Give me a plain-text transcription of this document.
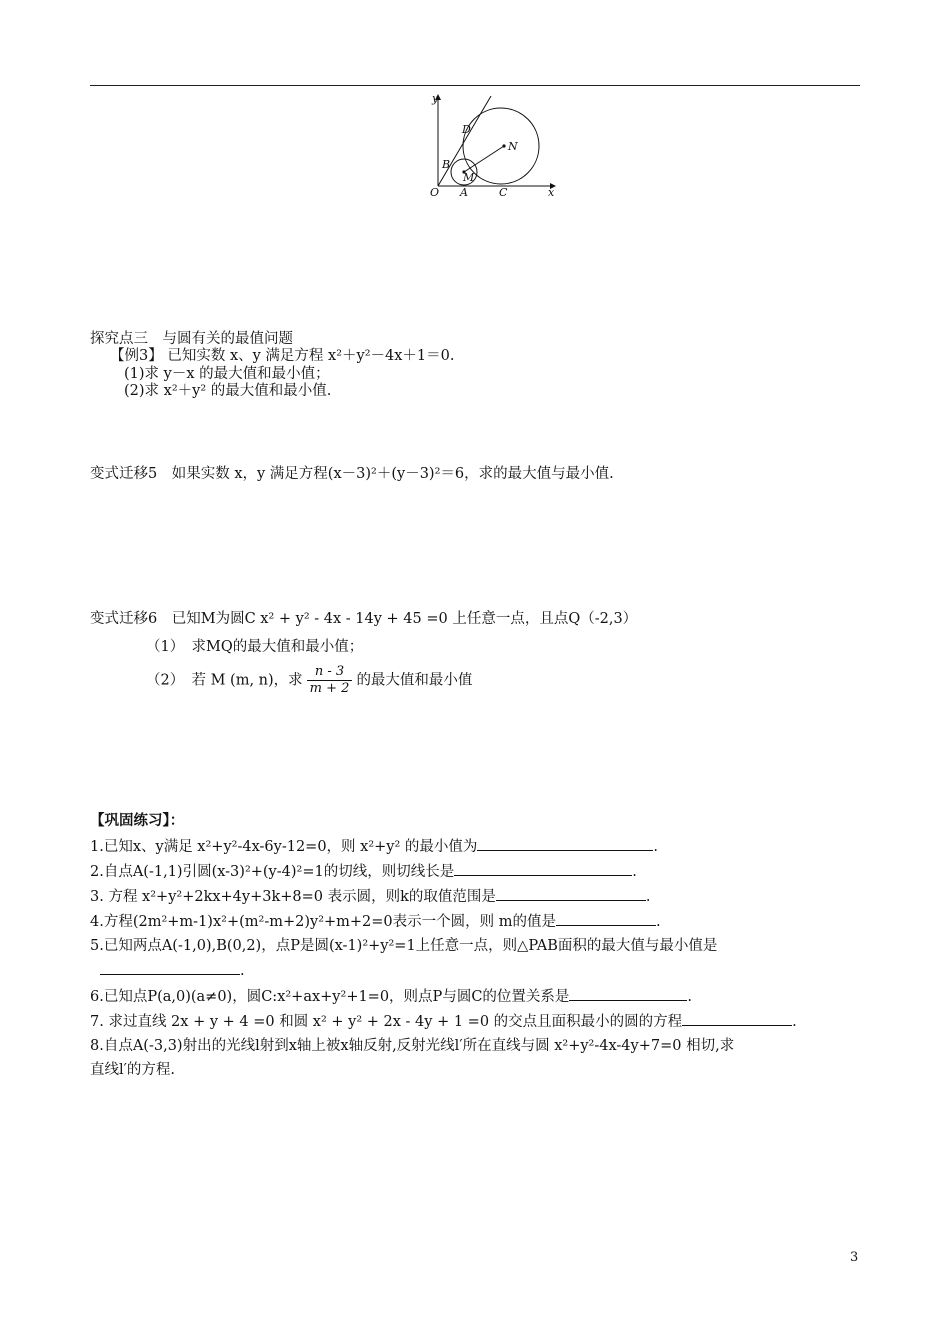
y
x
O A	C
B
D
M
N
探究点三　与圆有关的最值问题
【例3】 已知实数 x、y 满足方程 x²＋y²－4x＋1＝0.
(1)求 y－x 的最大值和最小值；
(2)求 x²＋y² 的最大值和最小值.
变式迁移5　如果实数 x，y 满足方程(x－3)²＋(y－3)²＝6，求的最大值与最小值.
变式迁移6　已知M为圆C x² + y² - 4x - 14y + 45 =0 上任意一点，且点Q（-2,3）
（1）　求MQ的最大值和最小值；
（2）　若 M (m, n)，求 $\frac{n - 3}{m + 2}$ 的最大值和最小值
【巩固练习】：
1.已知x、y满足 x²+y²-4x-6y-12=0，则 x²+y² 的最小值为	.
2.自点A(-1,1)引圆(x-3)²+(y-4)²=1的切线，则切线长是	.
3. 方程 x²+y²+2kx+4y+3k+8=0 表示圆，则k的取值范围是	.
4.方程(2m²+m-1)x²+(m²-m+2)y²+m+2=0表示一个圆，则 m的值是	.
5.已知两点A(-1,0),B(0,2)，点P是圆(x-1)²+y²=1上任意一点，则△PAB面积的最大值与最小值是
.
6.已知点P(a,0)(a≠0)，圆C:x²+ax+y²+1=0，则点P与圆C的位置关系是	.
7. 求过直线 2x + y + 4 =0 和圆 x² + y² + 2x - 4y + 1 =0 的交点且面积最小的圆的方程	.
8.自点A(-3,3)射出的光线l射到x轴上被x轴反射,反射光线l′所在直线与圆 x²+y²-4x-4y+7=0 相切,求
直线l′的方程.
3
